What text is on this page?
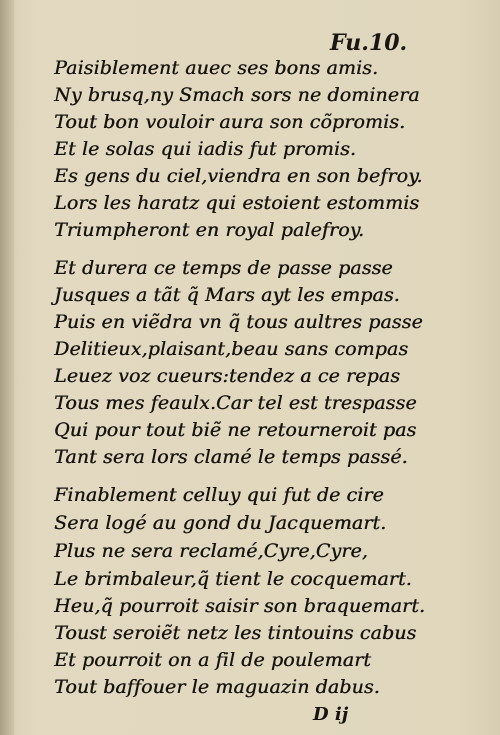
Fu.10.
Paisiblement auec ses bons amis.
Ny brusq,ny Smach sors ne dominera
Tout bon vouloir aura son cõpromis.
Et le solas qui iadis fut promis.
Es gens du ciel,viendra en son befroy.
Lors les haratz qui estoient estommis
Triumpheront en royal palefroy.
Et durera ce temps de passe passe
Jusques a tãt q̃ Mars ayt les empas.
Puis en viẽdra vn q̃ tous aultres passe
Delitieux,plaisant,beau sans compas
Leuez voz cueurs:tendez a ce repas
Tous mes feaulx.Car tel est trespasse
Qui pour tout biẽ ne retourneroit pas
Tant sera lors clamé le temps passé.
Finablement celluy qui fut de cire
Sera logé au gond du Jacquemart.
Plus ne sera reclamé,Cyre,Cyre,
Le brimbaleur,q̃ tient le cocquemart.
Heu,q̃ pourroit saisir son braquemart.
Toust seroiẽt netz les tintouins cabus
Et pourroit on a fil de poulemart
Tout baffouer le maguazin dabus.
D ij
